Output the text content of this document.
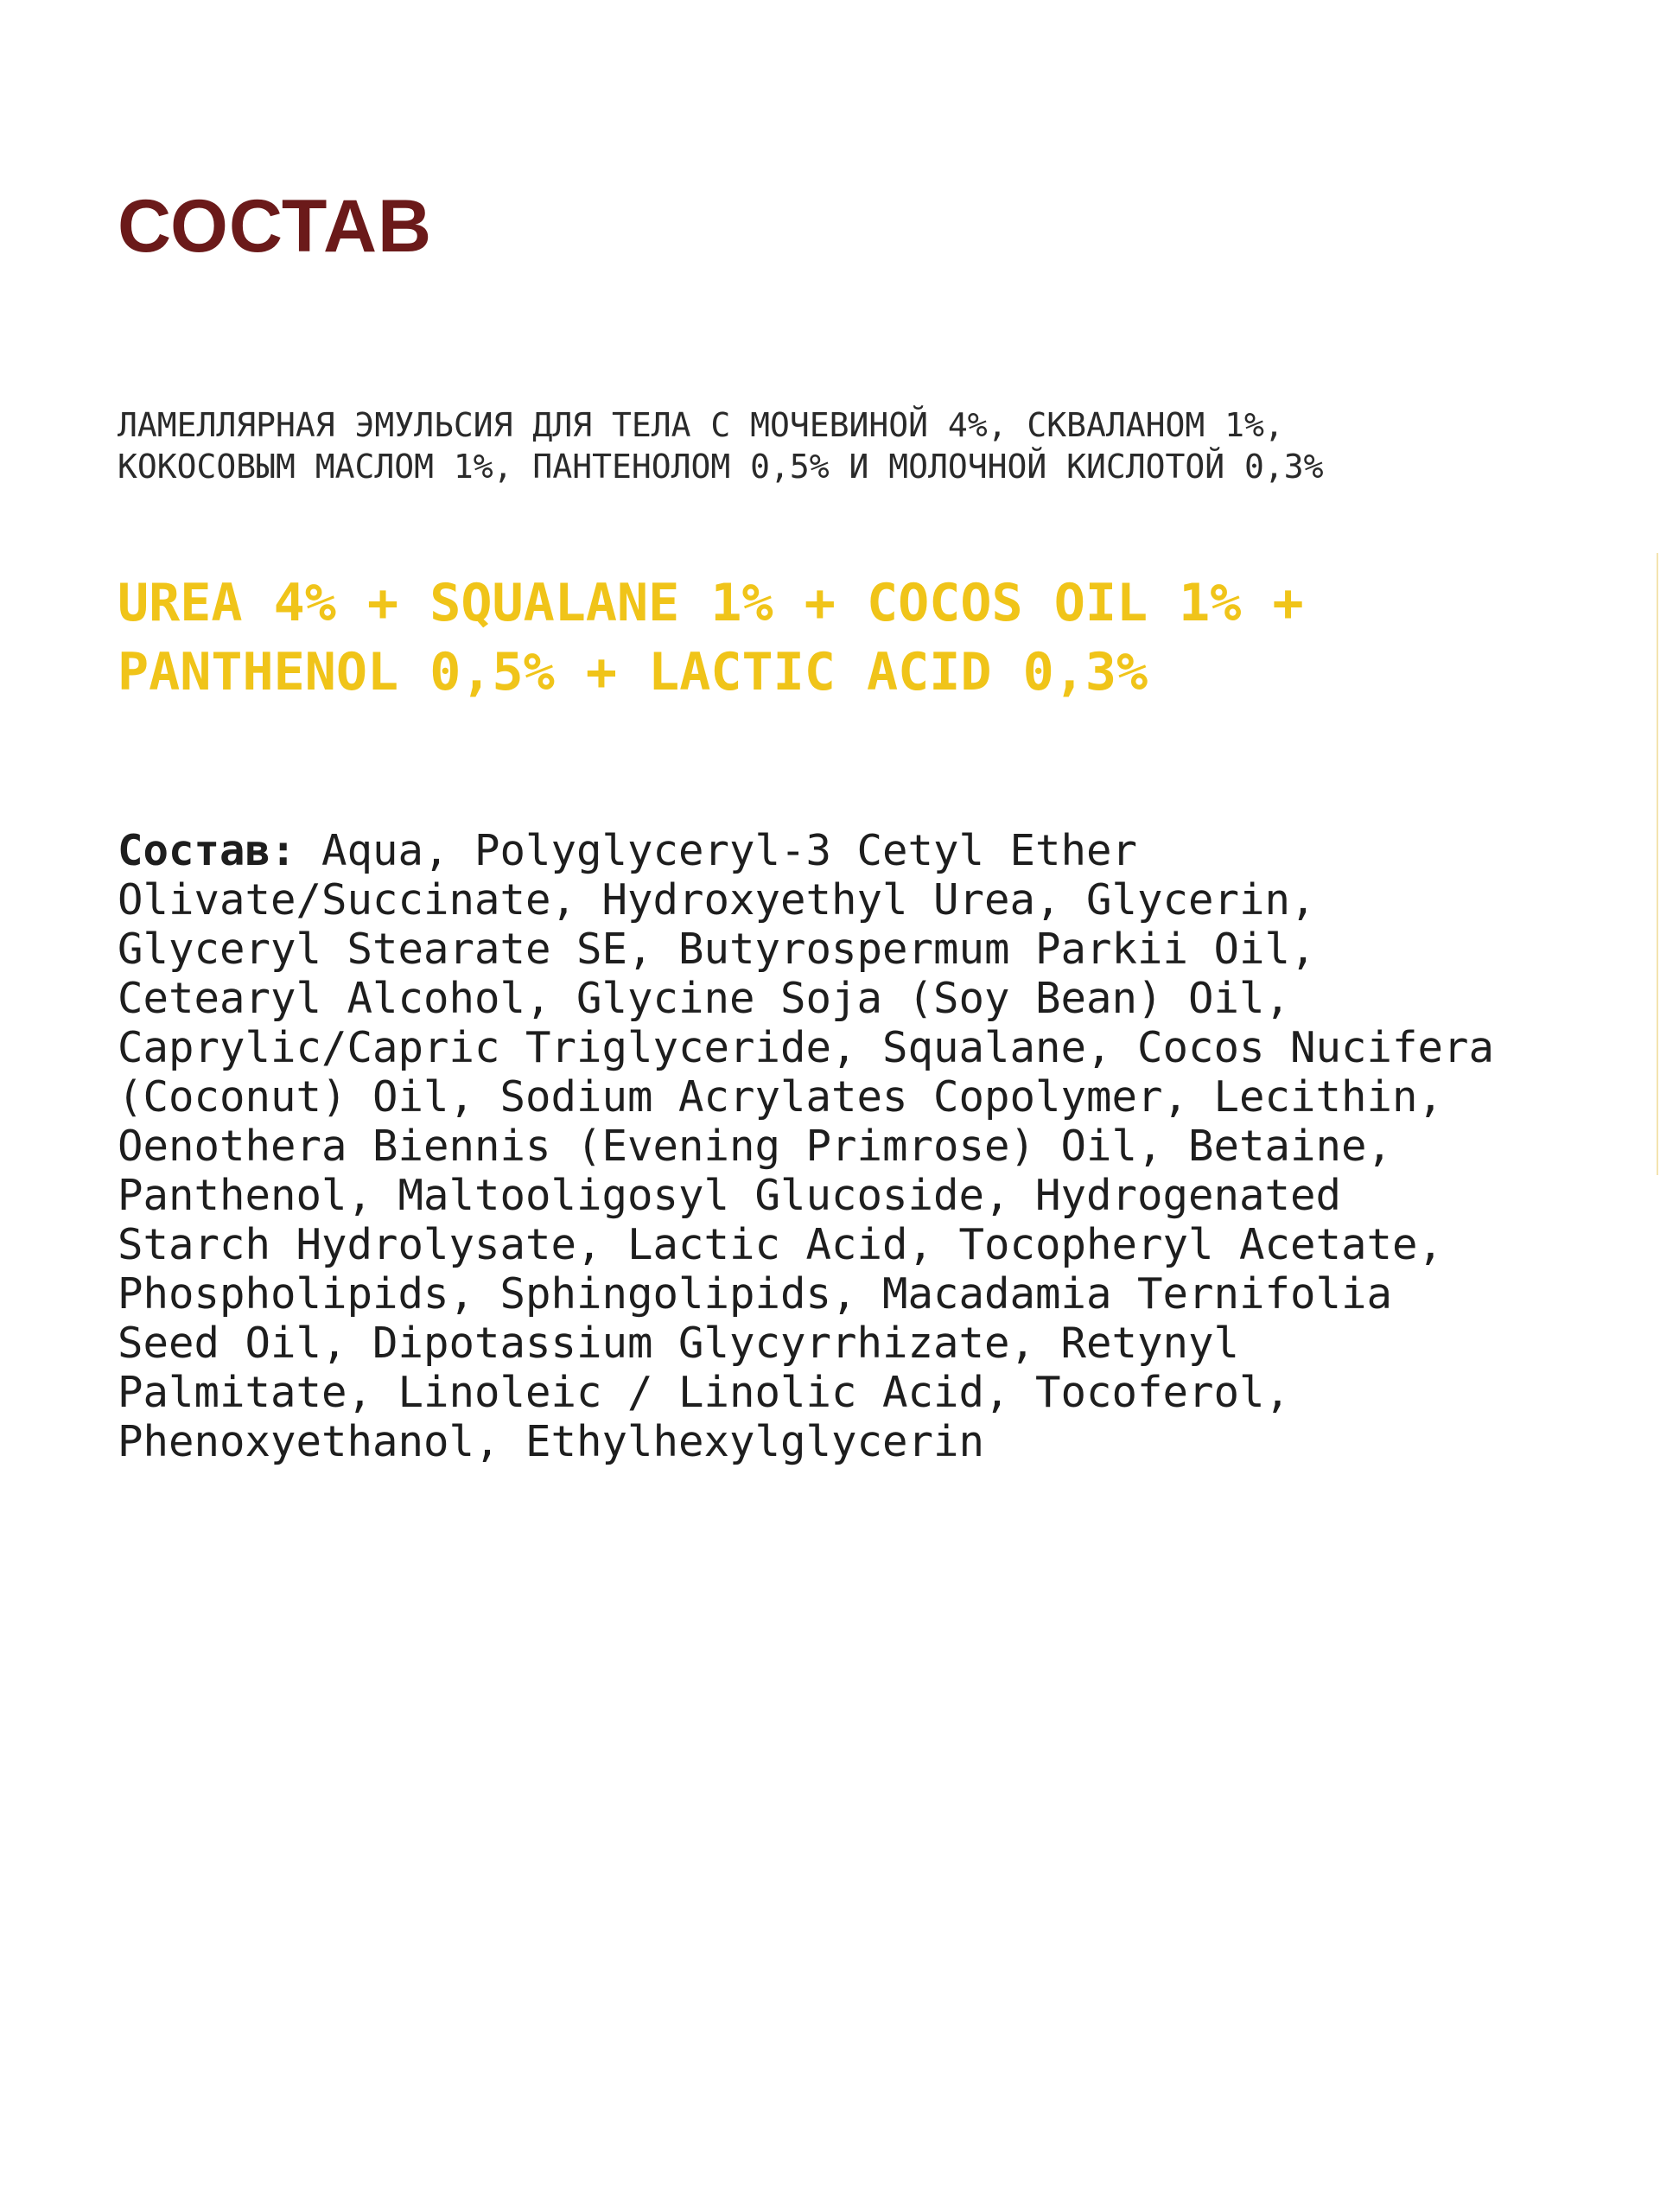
СОСТАВ
ЛАМЕЛЛЯРНАЯ ЭМУЛЬСИЯ ДЛЯ ТЕЛА С МОЧЕВИНОЙ 4%, СКВАЛАНОМ 1%,
КОКОСОВЫМ МАСЛОМ 1%, ПАНТЕНОЛОМ 0,5% И МОЛОЧНОЙ КИСЛОТОЙ 0,3%
UREA 4% + SQUALANE 1% + COCOS OIL 1% +
PANTHENOL 0,5% + LACTIC ACID 0,3%
Состав: Aqua, Polyglyceryl-3 Cetyl Ether
Olivate/Succinate, Hydroxyethyl Urea, Glycerin,
Glyceryl Stearate SE, Butyrospermum Parkii Oil,
Cetearyl Alcohol, Glycine Soja (Soy Bean) Oil,
Caprylic/Capric Triglyceride, Squalane, Cocos Nucifera
(Coconut) Oil, Sodium Acrylates Copolymer, Lecithin,
Oenothera Biennis (Evening Primrose) Oil, Betaine,
Panthenol, Maltooligosyl Glucoside, Hydrogenated
Starch Hydrolysate, Lactic Acid, Tocopheryl Acetate,
Phospholipids, Sphingolipids, Macadamia Ternifolia
Seed Oil, Dipotassium Glycyrrhizate, Retynyl
Palmitate, Linoleic / Linolic Acid, Tocoferol,
Phenoxyethanol, Ethylhexylglycerin
